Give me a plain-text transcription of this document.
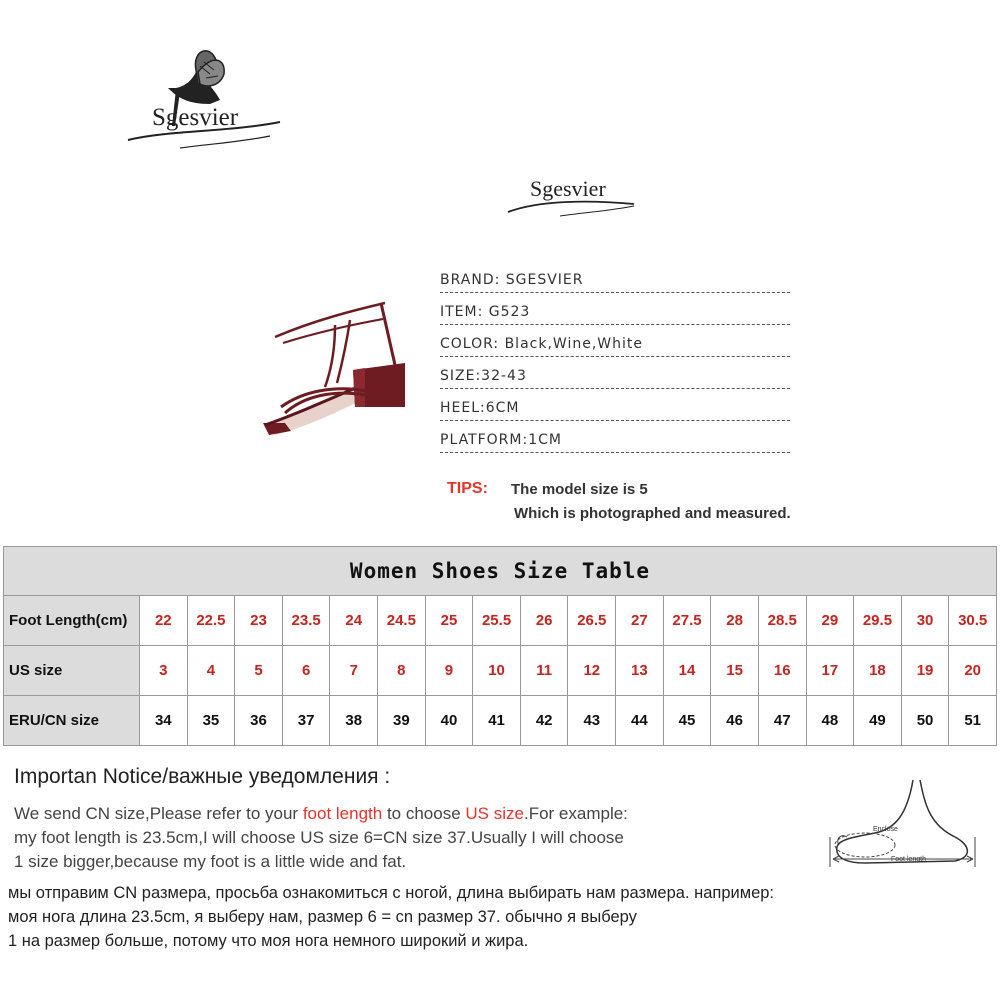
Sgesvier
Sgesvier
BRAND: SGESVIER
ITEM: G523
COLOR: Black,Wine,White
SIZE:32-43
HEEL:6CM
PLATFORM:1CM
TIPS: The model size is 5
Which is photographed and measured.
Women Shoes Size Table																		
Foot Length(cm)	22	22.5	23	23.5	24	24.5	25	25.5	26	26.5	27	27.5	28	28.5	29	29.5	30	30.5
US size	3	4	5	6	7	8	9	10	11	12	13	14	15	16	17	18	19	20
ERU/CN size	34	35	36	37	38	39	40	41	42	43	44	45	46	47	48	49	50	51
Importan Notice/важные уведомления :
We send CN size,Please refer to your foot length to choose US size.For example:
my foot length is 23.5cm,I will choose US size 6=CN size 37.Usually I will choose
1 size bigger,because my foot is a little wide and fat.
мы отправим CN размера, просьба ознакомиться с ногой, длина выбирать нам размера. например:
моя нога длина 23.5cm, я выберу нам, размер 6 = cn размер 37. обычно я выберу
1 на размер больше, потому что моя нога немного широкий и жира.
Enclose
Foot length
